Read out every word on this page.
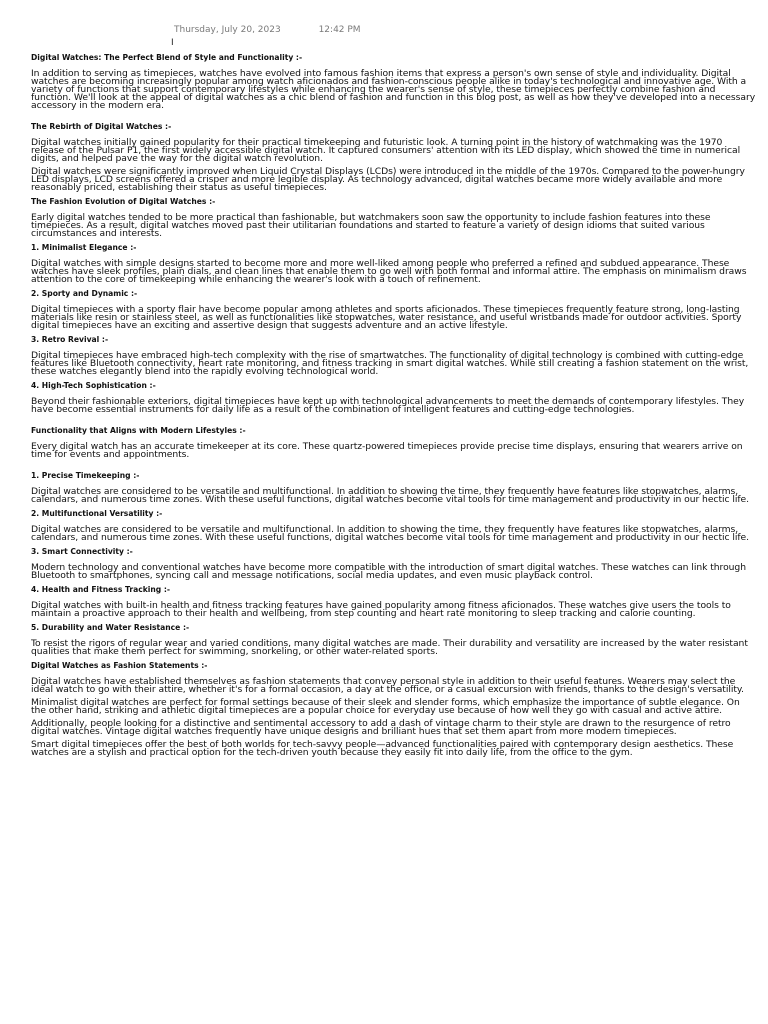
Thursday, July 20, 2023	12:42 PM
I
Digital Watches: The Perfect Blend of Style and Functionality :-

In addition to serving as timepieces, watches have evolved into famous fashion items that express a person's own sense of style and individuality. Digital watches are becoming increasingly popular among watch aficionados and fashion-conscious people alike in today's technological and innovative age. With a variety of functions that support contemporary lifestyles while enhancing the wearer's sense of style, these timepieces perfectly combine fashion and function. We'll look at the appeal of digital watches as a chic blend of fashion and function in this blog post, as well as how they've developed into a necessary accessory in the modern era.

The Rebirth of Digital Watches :-

Digital watches initially gained popularity for their practical timekeeping and futuristic look. A turning point in the history of watchmaking was the 1970 release of the Pulsar P1, the first widely accessible digital watch. It captured consumers' attention with its LED display, which showed the time in numerical digits, and helped pave the way for the digital watch revolution.

Digital watches were significantly improved when Liquid Crystal Displays (LCDs) were introduced in the middle of the 1970s. Compared to the power-hungry LED displays, LCD screens offered a crisper and more legible display. As technology advanced, digital watches became more widely available and more reasonably priced, establishing their status as useful timepieces.

The Fashion Evolution of Digital Watches :-

Early digital watches tended to be more practical than fashionable, but watchmakers soon saw the opportunity to include fashion features into these timepieces. As a result, digital watches moved past their utilitarian foundations and started to feature a variety of design idioms that suited various circumstances and interests.

1. Minimalist Elegance :-

Digital watches with simple designs started to become more and more well-liked among people who preferred a refined and subdued appearance. These watches have sleek profiles, plain dials, and clean lines that enable them to go well with both formal and informal attire. The emphasis on minimalism draws attention to the core of timekeeping while enhancing the wearer's look with a touch of refinement.

2. Sporty and Dynamic :-

Digital timepieces with a sporty flair have become popular among athletes and sports aficionados. These timepieces frequently feature strong, long-lasting materials like resin or stainless steel, as well as functionalities like stopwatches, water resistance, and useful wristbands made for outdoor activities. Sporty digital timepieces have an exciting and assertive design that suggests adventure and an active lifestyle.

3. Retro Revival :-

Digital timepieces have embraced high-tech complexity with the rise of smartwatches. The functionality of digital technology is combined with cutting-edge features like Bluetooth connectivity, heart rate monitoring, and fitness tracking in smart digital watches. While still creating a fashion statement on the wrist, these watches elegantly blend into the rapidly evolving technological world.

4. High-Tech Sophistication :-

Beyond their fashionable exteriors, digital timepieces have kept up with technological advancements to meet the demands of contemporary lifestyles. They have become essential instruments for daily life as a result of the combination of intelligent features and cutting-edge technologies.

Functionality that Aligns with Modern Lifestyles :-

Every digital watch has an accurate timekeeper at its core. These quartz-powered timepieces provide precise time displays, ensuring that wearers arrive on time for events and appointments.

1. Precise Timekeeping :-

Digital watches are considered to be versatile and multifunctional. In addition to showing the time, they frequently have features like stopwatches, alarms, calendars, and numerous time zones. With these useful functions, digital watches become vital tools for time management and productivity in our hectic life.

2. Multifunctional Versatility :-

Digital watches are considered to be versatile and multifunctional. In addition to showing the time, they frequently have features like stopwatches, alarms, calendars, and numerous time zones. With these useful functions, digital watches become vital tools for time management and productivity in our hectic life.

3. Smart Connectivity :-

Modern technology and conventional watches have become more compatible with the introduction of smart digital watches. These watches can link through Bluetooth to smartphones, syncing call and message notifications, social media updates, and even music playback control.

4. Health and Fitness Tracking :-

Digital watches with built-in health and fitness tracking features have gained popularity among fitness aficionados. These watches give users the tools to maintain a proactive approach to their health and wellbeing, from step counting and heart rate monitoring to sleep tracking and calorie counting.

5. Durability and Water Resistance :-

To resist the rigors of regular wear and varied conditions, many digital watches are made. Their durability and versatility are increased by the water resistant qualities that make them perfect for swimming, snorkeling, or other water-related sports.

Digital Watches as Fashion Statements :-

Digital watches have established themselves as fashion statements that convey personal style in addition to their useful features. Wearers may select the ideal watch to go with their attire, whether it's for a formal occasion, a day at the office, or a casual excursion with friends, thanks to the design's versatility.

Minimalist digital watches are perfect for formal settings because of their sleek and slender forms, which emphasize the importance of subtle elegance. On the other hand, striking and athletic digital timepieces are a popular choice for everyday use because of how well they go with casual and active attire.

Additionally, people looking for a distinctive and sentimental accessory to add a dash of vintage charm to their style are drawn to the resurgence of retro digital watches. Vintage digital watches frequently have unique designs and brilliant hues that set them apart from more modern timepieces.

Smart digital timepieces offer the best of both worlds for tech-savvy people—advanced functionalities paired with contemporary design aesthetics. These watches are a stylish and practical option for the tech-driven youth because they easily fit into daily life, from the office to the gym.
